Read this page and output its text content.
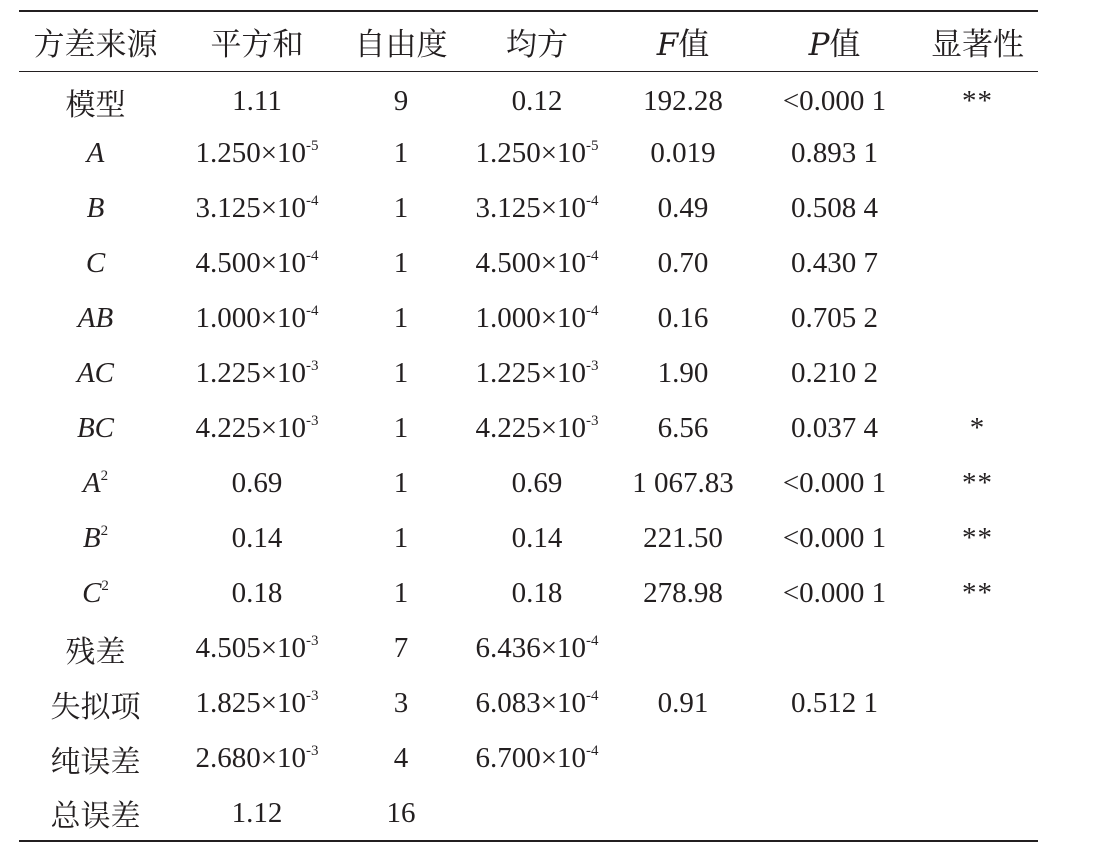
方差来源	平方和	自由度	均方	F值	P值	显著性
模型	1.11	9	0.12	192.28	<0.000 1	**
A	$1.250\times 10^{-5}$	1	$1.250\times 10^{-5}$	0.019	0.893 1	
B	$3.125\times 10^{-4}$	1	$3.125\times 10^{-4}$	0.49	0.508 4	
C	$4.500\times 10^{-4}$	1	$4.500\times 10^{-4}$	0.70	0.430 7	
AB	$1.000\times 10^{-4}$	1	$1.000\times 10^{-4}$	0.16	0.705 2	
AC	$1.225\times 10^{-3}$	1	$1.225\times 10^{-3}$	1.90	0.210 2	
BC	$4.225\times 10^{-3}$	1	$4.225\times 10^{-3}$	6.56	0.037 4	*
$A^2$	0.69	1	0.69	1 067.83	<0.000 1	**
$B^2$	0.14	1	0.14	221.50	<0.000 1	**
$C^2$	0.18	1	0.18	278.98	<0.000 1	**
残差	$4.505\times 10^{-3}$	7	$6.436\times 10^{-4}$			
失拟项	$1.825\times 10^{-3}$	3	$6.083\times 10^{-4}$	0.91	0.512 1	
纯误差	$2.680\times 10^{-3}$	4	$6.700\times 10^{-4}$			
总误差	1.12	16				
